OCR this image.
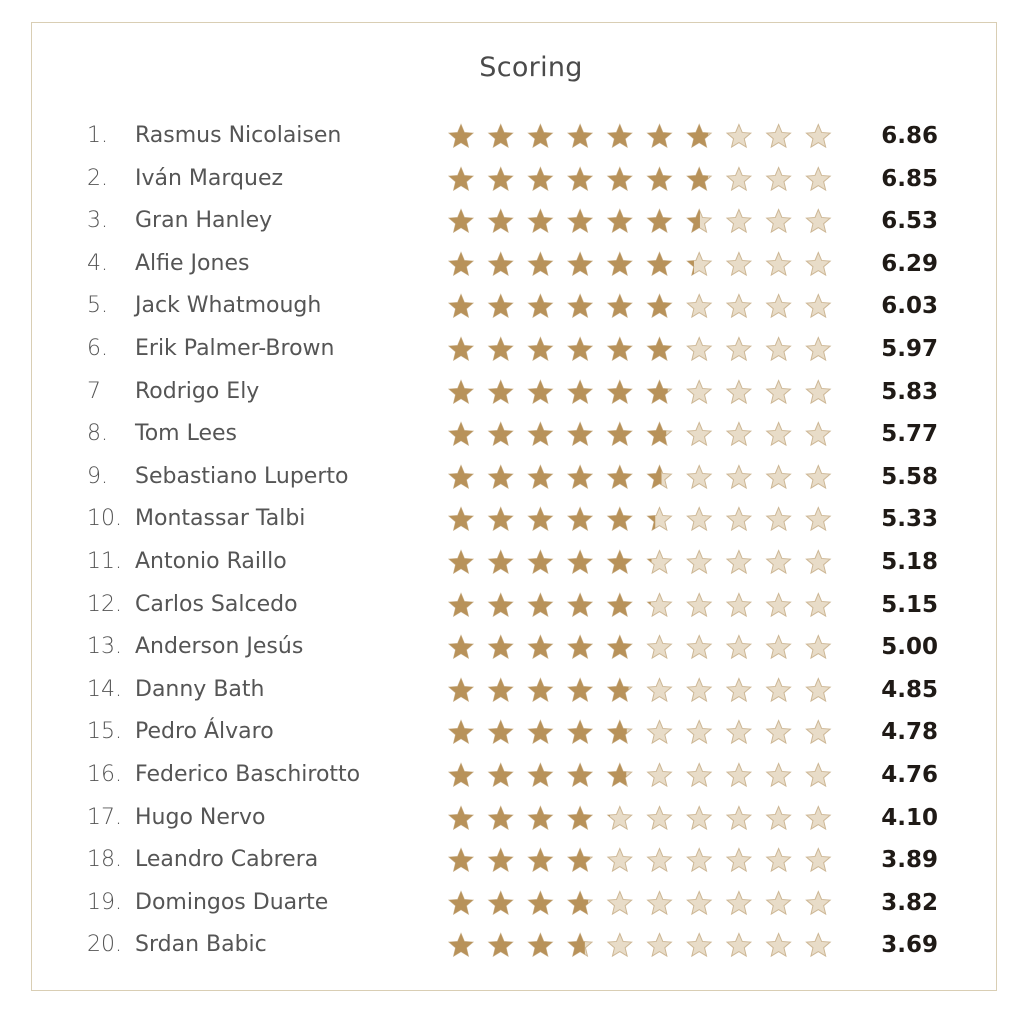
Scoring
1. Rasmus Nicolaisen	6.86
2. Iván Marquez	6.85
3. Gran Hanley	6.53
4. Alfie Jones	6.29
5. Jack Whatmough	6.03
6. Erik Palmer-Brown	5.97
7 Rodrigo Ely	5.83
8. Tom Lees	5.77
9. Sebastiano Luperto	5.58
10. Montassar Talbi	5.33
11. Antonio Raillo	5.18
12. Carlos Salcedo	5.15
13. Anderson Jesús	5.00
14. Danny Bath	4.85
15. Pedro Álvaro	4.78
16. Federico Baschirotto	4.76
17. Hugo Nervo	4.10
18. Leandro Cabrera	3.89
19. Domingos Duarte	3.82
20. Srdan Babic	3.69
